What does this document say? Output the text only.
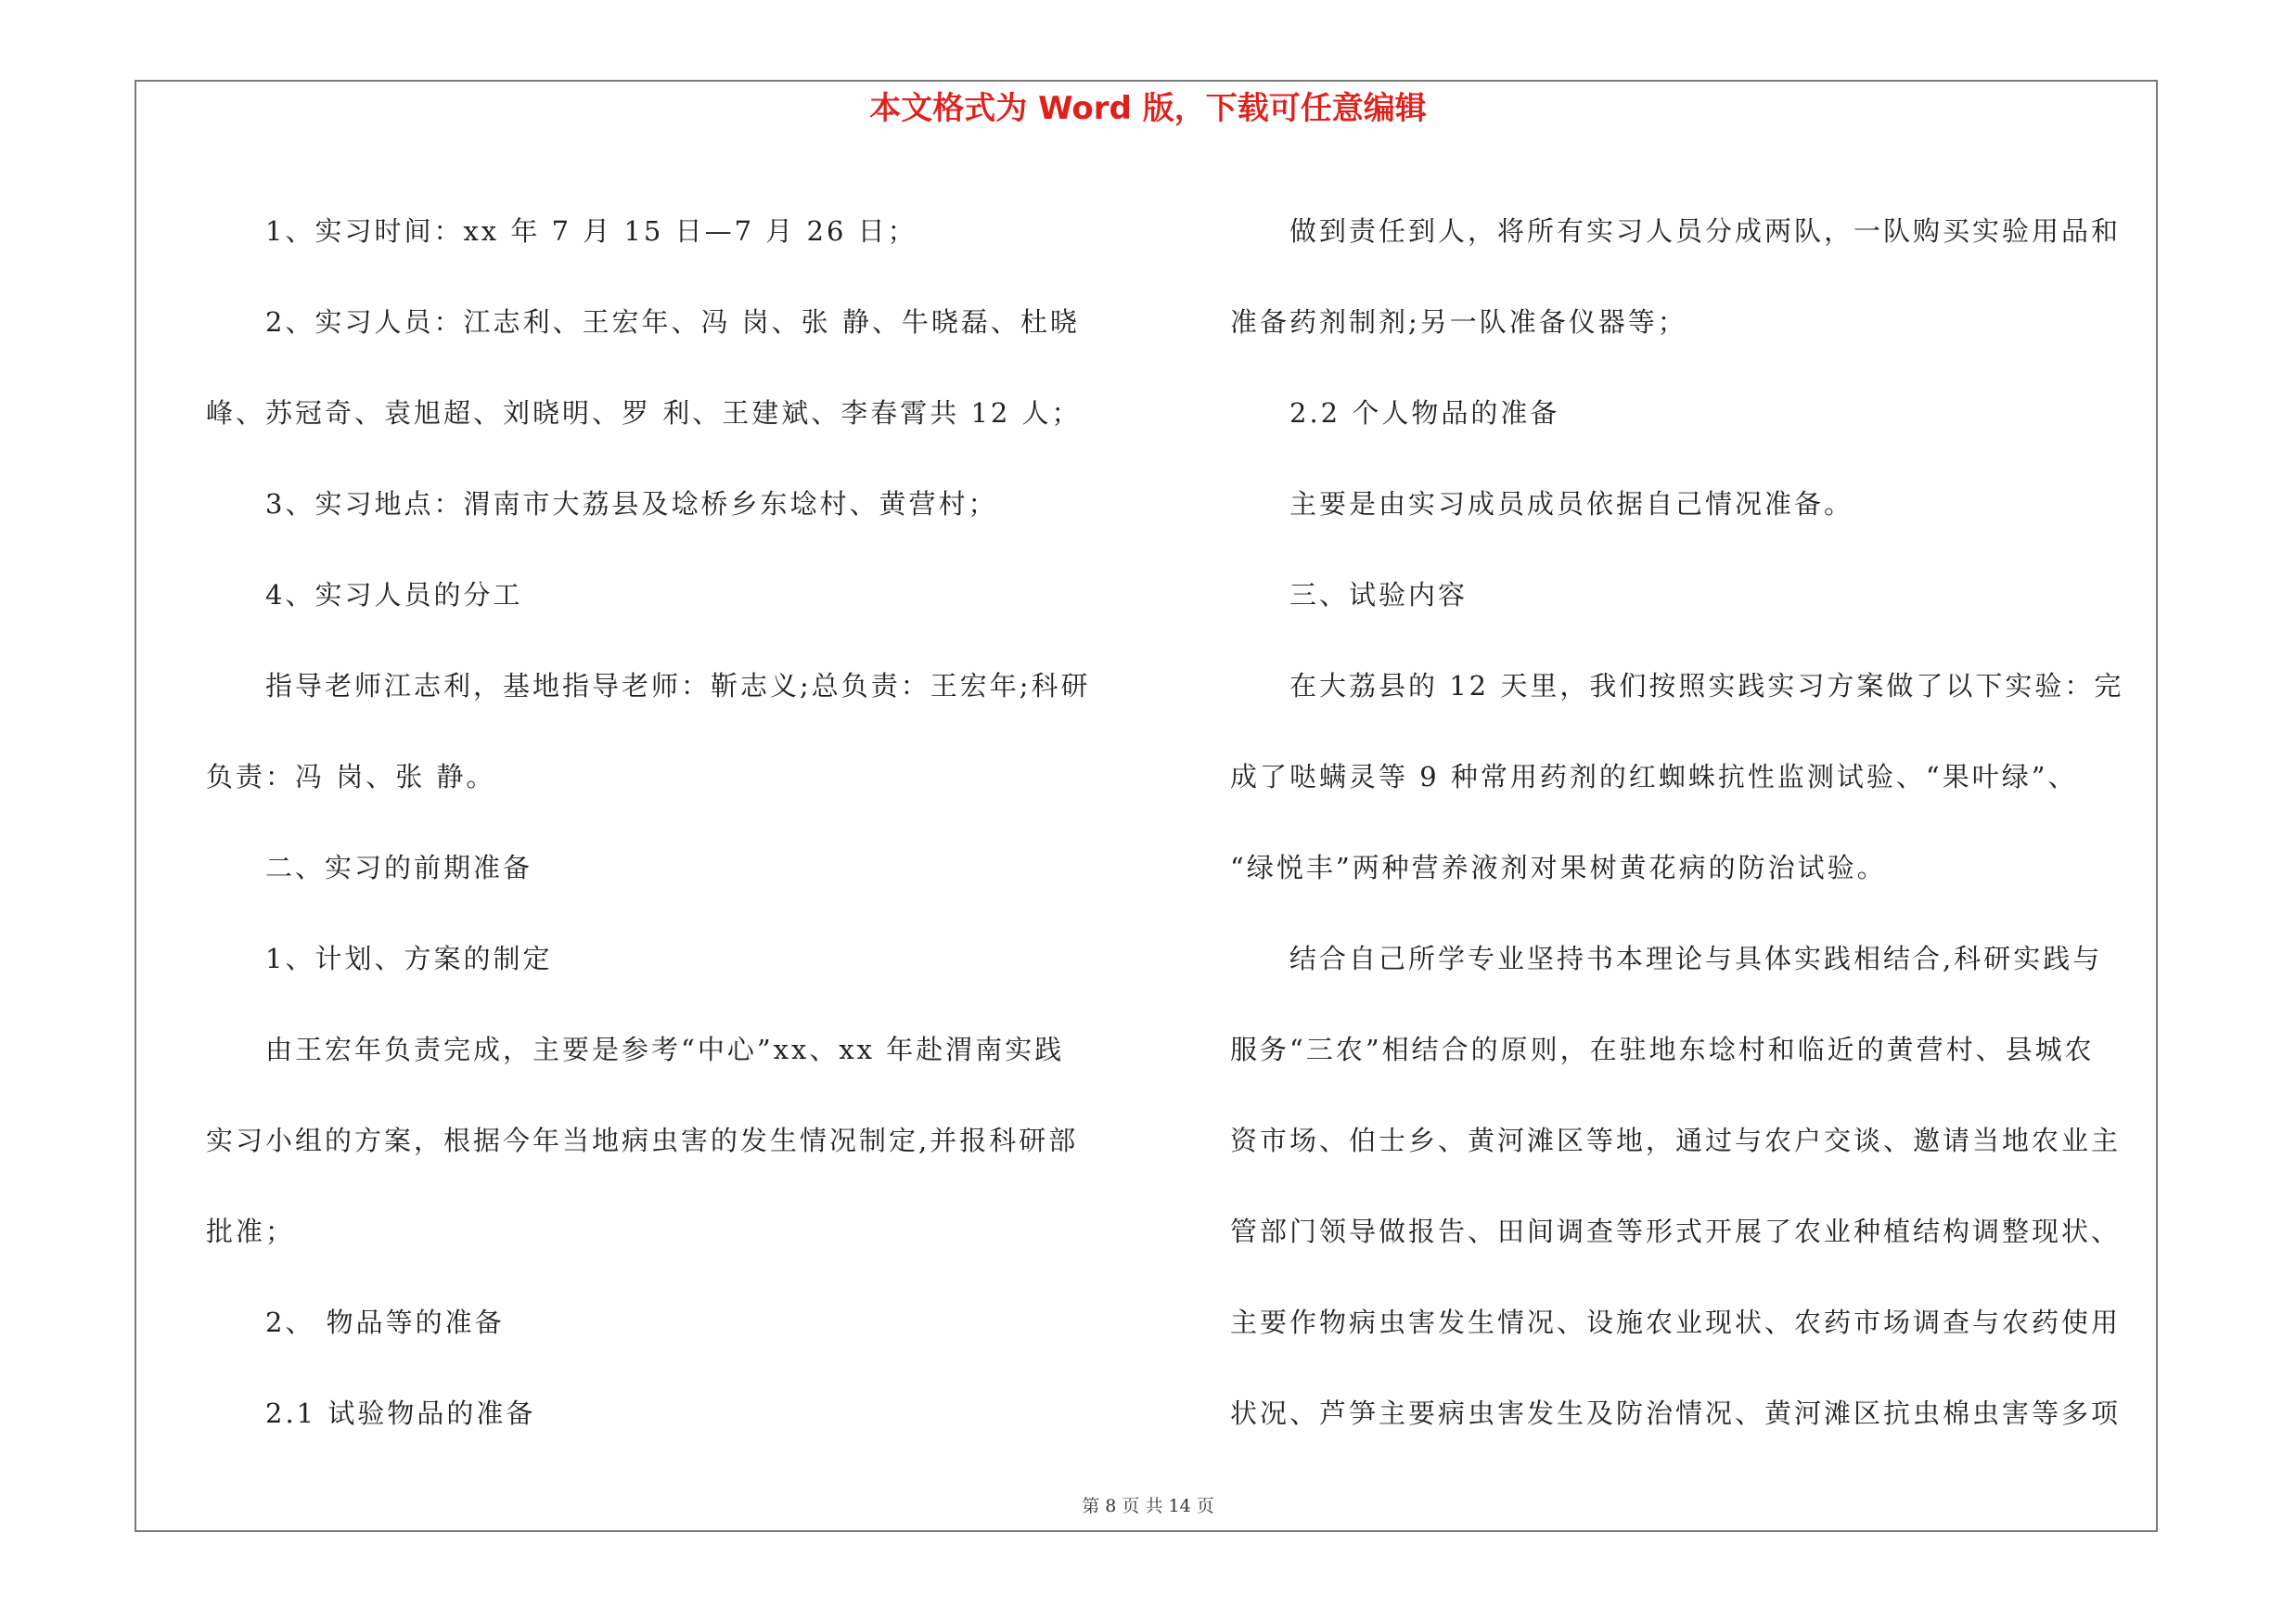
本文格式为 Word 版，下载可任意编辑

1、实习时间：xx 年 7 月 15 日—7 月 26 日；

2、实习人员：江志利、王宏年、冯 岗、张 静、牛晓磊、杜晓

峰、苏冠奇、袁旭超、刘晓明、罗 利、王建斌、李春霄共 12 人；

3、实习地点：渭南市大荔县及埝桥乡东埝村、黄营村；

4、实习人员的分工

指导老师江志利，基地指导老师：靳志义;总负责：王宏年;科研

负责：冯 岗、张 静。

二、实习的前期准备

1、计划、方案的制定

由王宏年负责完成，主要是参考“中心”xx、xx 年赴渭南实践

实习小组的方案，根据今年当地病虫害的发生情况制定,并报科研部

批准；

2、 物品等的准备

2.1 试验物品的准备

做到责任到人，将所有实习人员分成两队，一队购买实验用品和

准备药剂制剂;另一队准备仪器等；

2.2 个人物品的准备

主要是由实习成员成员依据自己情况准备。

三、试验内容

在大荔县的 12 天里，我们按照实践实习方案做了以下实验：完

成了哒螨灵等 9 种常用药剂的红蜘蛛抗性监测试验、“果叶绿”、

“绿悦丰”两种营养液剂对果树黄花病的防治试验。

结合自己所学专业坚持书本理论与具体实践相结合,科研实践与

服务“三农”相结合的原则，在驻地东埝村和临近的黄营村、县城农

资市场、伯士乡、黄河滩区等地，通过与农户交谈、邀请当地农业主

管部门领导做报告、田间调查等形式开展了农业种植结构调整现状、

主要作物病虫害发生情况、设施农业现状、农药市场调查与农药使用

状况、芦笋主要病虫害发生及防治情况、黄河滩区抗虫棉虫害等多项

第 8 页 共 14 页
